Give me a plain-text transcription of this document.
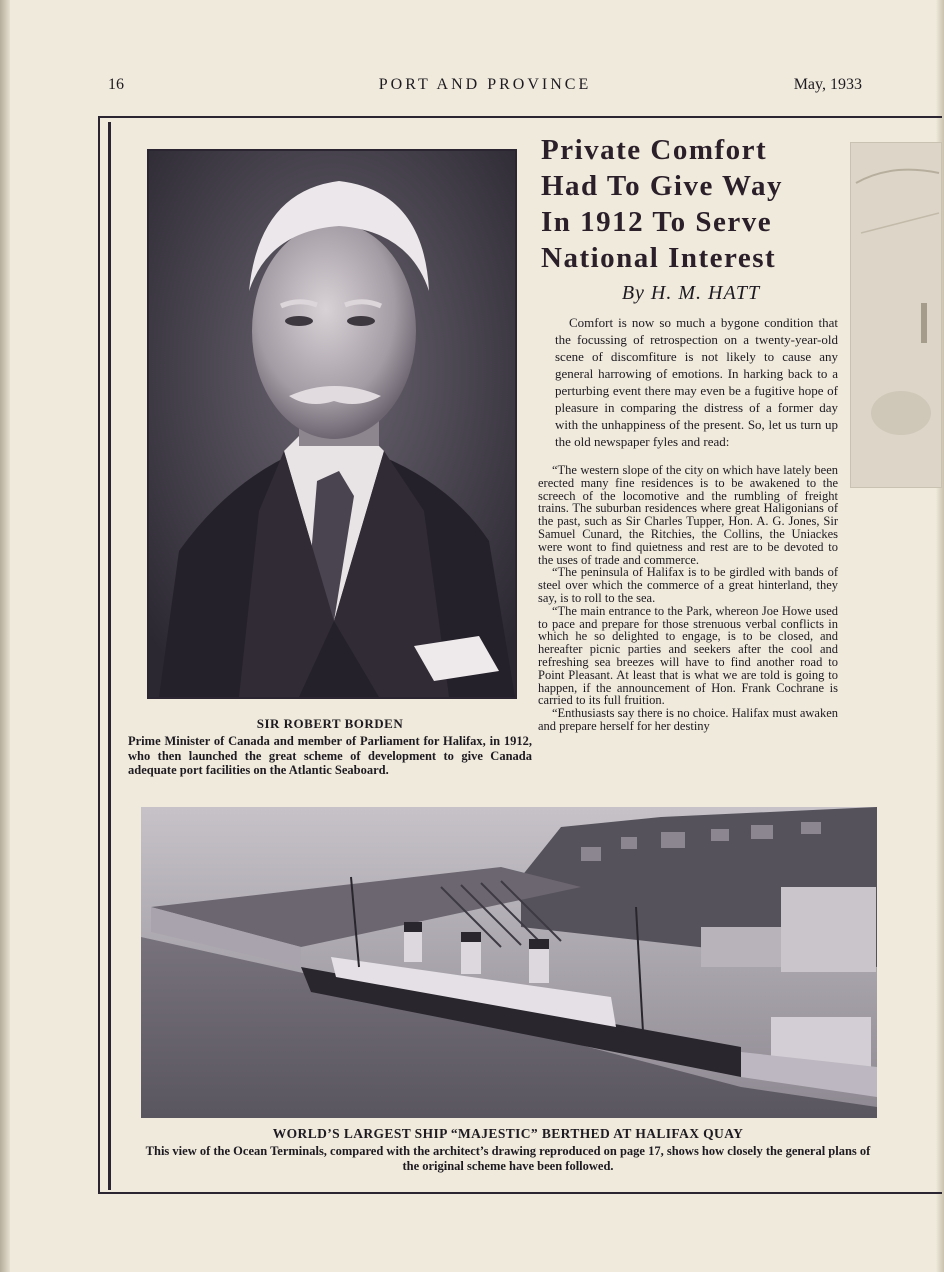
16	PORT AND PROVINCE	May, 1933
SIR ROBERT BORDEN
Prime Minister of Canada and member of Parliament for Halifax, in 1912, who then launched the great scheme of development to give Canada adequate port facilities on the Atlantic Seaboard.
Private Comfort
Had To Give Way
In 1912 To Serve
National Interest
By H. M. HATT
Comfort is now so much a bygone condition that the focussing of retrospection on a twenty-year-old scene of discomfiture is not likely to cause any general harrowing of emotions. In harking back to a perturbing event there may even be a fugitive hope of pleasure in comparing the distress of a former day with the unhappiness of the present. So, let us turn up the old newspaper fyles and read:

“The western slope of the city on which have lately been erected many fine residences is to be awakened to the screech of the locomotive and the rumbling of freight trains. The suburban residences where great Haligonians of the past, such as Sir Charles Tupper, Hon. A. G. Jones, Sir Samuel Cunard, the Ritchies, the Collins, the Uniackes were wont to find quietness and rest are to be devoted to the uses of trade and commerce.

“The peninsula of Halifax is to be girdled with bands of steel over which the commerce of a great hinterland, they say, is to roll to the sea.

“The main entrance to the Park, whereon Joe Howe used to pace and prepare for those strenuous verbal conflicts in which he so delighted to engage, is to be closed, and hereafter picnic parties and seekers after the cool and refreshing sea breezes will have to find another road to Point Pleasant. At least that is what we are told is going to happen, if the announcement of Hon. Frank Cochrane is carried to its full fruition.

“Enthusiasts say there is no choice. Halifax must awaken and prepare herself for her destiny

WORLD’S LARGEST SHIP “MAJESTIC” BERTHED AT HALIFAX QUAY
This view of the Ocean Terminals, compared with the architect’s drawing reproduced on page 17, shows how closely the general plans of the original scheme have been followed.
